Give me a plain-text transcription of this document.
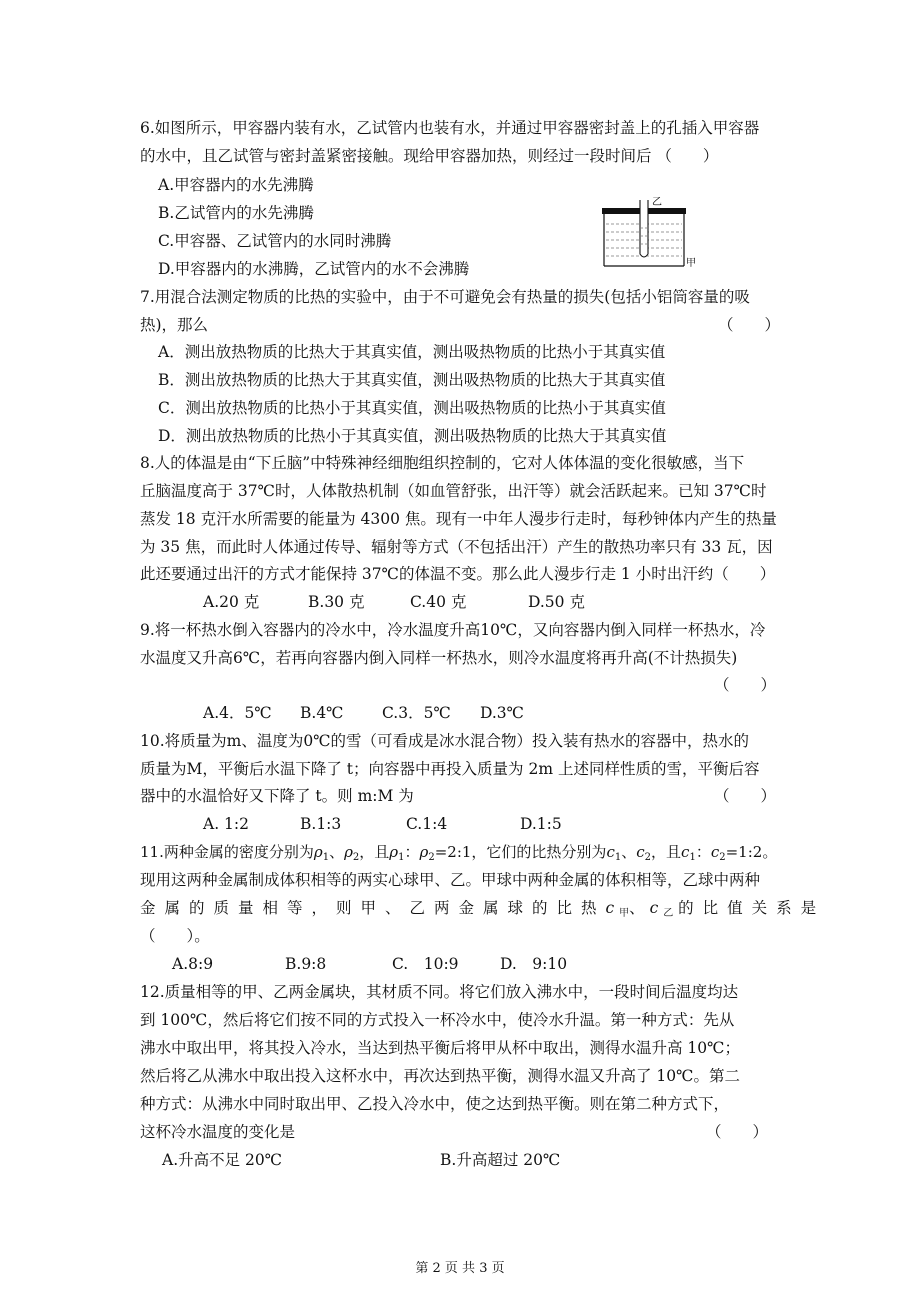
6.如图所示，甲容器内装有水，乙试管内也装有水，并通过甲容器密封盖上的孔插入甲容器
的水中，且乙试管与密封盖紧密接触。现给甲容器加热，则经过一段时间后 （　　）
A.甲容器内的水先沸腾
B.乙试管内的水先沸腾
C.甲容器、乙试管内的水同时沸腾
D.甲容器内的水沸腾，乙试管内的水不会沸腾
乙
甲
7.用混合法测定物质的比热的实验中，由于不可避免会有热量的损失(包括小铝筒容量的吸
热)，那么	（　　）
A．测出放热物质的比热大于其真实值，测出吸热物质的比热小于其真实值
B．测出放热物质的比热大于其真实值，测出吸热物质的比热大于其真实值
C．测出放热物质的比热小于其真实值，测出吸热物质的比热小于其真实值
D．测出放热物质的比热小于其真实值，测出吸热物质的比热大于其真实值
8.人的体温是由“下丘脑”中特殊神经细胞组织控制的，它对人体体温的变化很敏感，当下
丘脑温度高于 37℃时，人体散热机制（如血管舒张，出汗等）就会活跃起来。已知 37℃时
蒸发 18 克汗水所需要的能量为 4300 焦。现有一中年人漫步行走时，每秒钟体内产生的热量
为 35 焦，而此时人体通过传导、辐射等方式（不包括出汗）产生的散热功率只有 33 瓦，因
此还要通过出汗的方式才能保持 37℃的体温不变。那么此人漫步行走 1 小时出汗约（　　）
A.20 克	B.30 克	C.40 克	D.50 克
9.将一杯热水倒入容器内的冷水中，冷水温度升高10℃，又向容器内倒入同样一杯热水，冷
水温度又升高6℃，若再向容器内倒入同样一杯热水，则冷水温度将再升高(不计热损失)
（　　）
A.4．5℃ B.4℃ C.3．5℃ D.3℃
10.将质量为m、温度为0℃的雪（可看成是冰水混合物）投入装有热水的容器中，热水的
质量为M，平衡后水温下降了 t；向容器中再投入质量为 2m 上述同样性质的雪，平衡后容
器中的水温恰好又下降了 t。则 m:M 为	（　　）
A. 1:2	B.1:3	C.1:4	D.1:5
11.两种金属的密度分别为$\rho_1$、$\rho_2$，且$\rho_1$：$\rho_2=2:1$，它们的比热分别为$c_1$、$c_2$，且$c_1$：$c_2=1:2$。
现用这两种金属制成体积相等的两实心球甲、乙。甲球中两种金属的体积相等，乙球中两种
金属的质量相等，则甲、乙两金属球的比热 c $_甲$、 c $_乙$ 的比值关系是
（　　）。
A.8:9	B.9:8	C.　10:9	D.　9:10
12.质量相等的甲、乙两金属块，其材质不同。将它们放入沸水中，一段时间后温度均达
到 100℃，然后将它们按不同的方式投入一杯冷水中，使冷水升温。第一种方式：先从
沸水中取出甲，将其投入冷水，当达到热平衡后将甲从杯中取出，测得水温升高 10℃；
然后将乙从沸水中取出投入这杯水中，再次达到热平衡，测得水温又升高了 10℃。第二
种方式：从沸水中同时取出甲、乙投入冷水中，使之达到热平衡。则在第二种方式下，
这杯冷水温度的变化是	（　　）
A.升高不足 20℃	B.升高超过 20℃
第 2 页 共 3 页
